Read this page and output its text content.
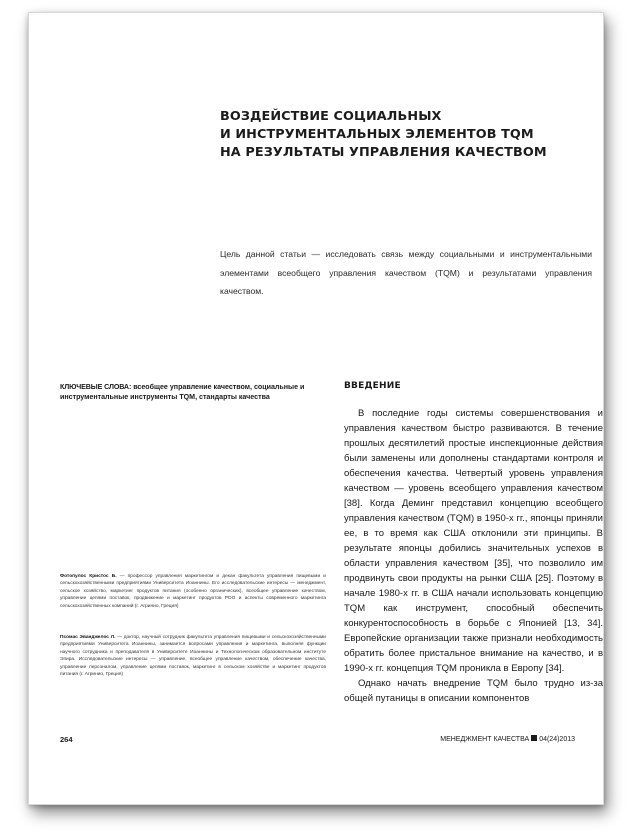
ВОЗДЕЙСТВИЕ СОЦИАЛЬНЫХ
И ИНСТРУМЕНТАЛЬНЫХ ЭЛЕМЕНТОВ TQM
НА РЕЗУЛЬТАТЫ УПРАВЛЕНИЯ КАЧЕСТВОМ

Цель данной статьи — исследовать связь между социальными и инструментальными элементами всеобщего управления качеством (TQM) и результатами управления качеством.

КЛЮЧЕВЫЕ СЛОВА: всеобщее управление качеством, социальные и инструментальные инструменты TQM, стандарты качества

Фотопулос Кристос Б. — профессор управления маркетингом и декан факультета управления пищевыми и сельскохозяйственными предприятиями Университета Иоаннины. Его исследовательские интересы — менеджмент, сельское хозяйство, маркетинг продуктов питания (особенно органических), всеобщее управление качеством, управление цепями поставок, продвижение и маркетинг продуктов PDO и аспекты современного маркетинга сельскохозяйственных компаний (г. Агринио, Греция)

Псомас Эванджелос Л. — доктор, научный сотрудник факультета управления пищевыми и сельскохозяйственными предприятиями Университета Иоаннины, занимается вопросами управления и маркетинга, выполняя функции научного сотрудника и преподавателя в Университете Иоаннины и Технологическом образовательном институте Эпира. Исследовательские интересы — управление, всеобщее управление качеством, обеспечение качества, управление персоналом, управление цепями поставок, маркетинг в сельском хозяйстве и маркетинг продуктов питания (г. Агринио, Греция)

ВВЕДЕНИЕ

В последние годы системы совершенствования и управления качеством быстро развиваются. В течение прошлых десятилетий простые инспекционные действия были заменены или дополнены стандартами контроля и обеспечения качества. Четвертый уровень управления качеством — уровень всеобщего управления качеством [38]. Когда Деминг представил концепцию всеобщего управления качеством (TQM) в 1950-х гг., японцы приняли ее, в то время как США отклонили эти принципы. В результате японцы добились значительных успехов в области управления качеством [35], что позволило им продвинуть свои продукты на рынки США [25]. Поэтому в начале 1980-х гг. в США начали использовать концепцию TQM как инструмент, способный обеспечить конкурентоспособность в борьбе с Японией [13, 34]. Европейские организации также признали необходимость обратить более пристальное внимание на качество, и в 1990-х гг. концепция TQM проникла в Европу [34].

Однако начать внедрение TQM было трудно из-за общей путаницы в описании компонентов

264	МЕНЕДЖМЕНТ КАЧЕСТВА 04(24)2013
